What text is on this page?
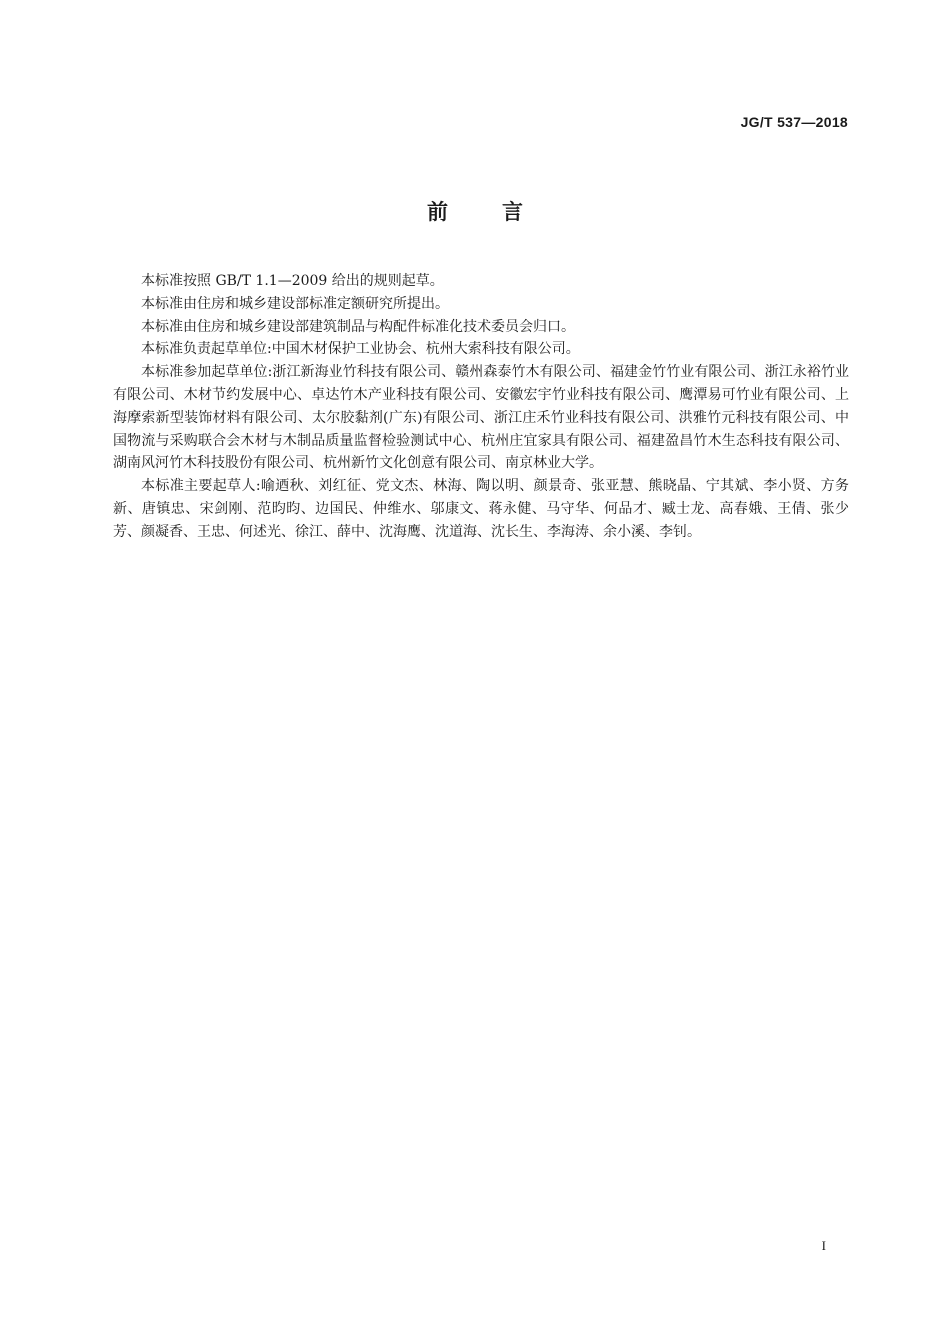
JG/T 537—2018
前言

本标准按照 GB/T 1.1—2009 给出的规则起草。

本标准由住房和城乡建设部标准定额研究所提出。

本标准由住房和城乡建设部建筑制品与构配件标准化技术委员会归口。

本标准负责起草单位:中国木材保护工业协会、杭州大索科技有限公司。

本标准参加起草单位:浙江新海业竹科技有限公司、赣州森泰竹木有限公司、福建金竹竹业有限公司、浙江永裕竹业有限公司、木材节约发展中心、卓达竹木产业科技有限公司、安徽宏宇竹业科技有限公司、鹰潭易可竹业有限公司、上海摩索新型装饰材料有限公司、太尔胶黏剂(广东)有限公司、浙江庄禾竹业科技有限公司、洪雅竹元科技有限公司、中国物流与采购联合会木材与木制品质量监督检验测试中心、杭州庄宜家具有限公司、福建盈昌竹木生态科技有限公司、湖南风河竹木科技股份有限公司、杭州新竹文化创意有限公司、南京林业大学。

本标准主要起草人:喻迺秋、刘红征、党文杰、林海、陶以明、颜景奇、张亚慧、熊晓晶、宁其斌、李小贤、方务新、唐镇忠、宋剑刚、范昀昀、边国民、仲维水、邬康文、蒋永健、马守华、何品才、臧士龙、高春娥、王倩、张少芳、颜凝香、王忠、何述光、徐江、薛中、沈海鹰、沈道海、沈长生、李海涛、余小溪、李钊。

I
